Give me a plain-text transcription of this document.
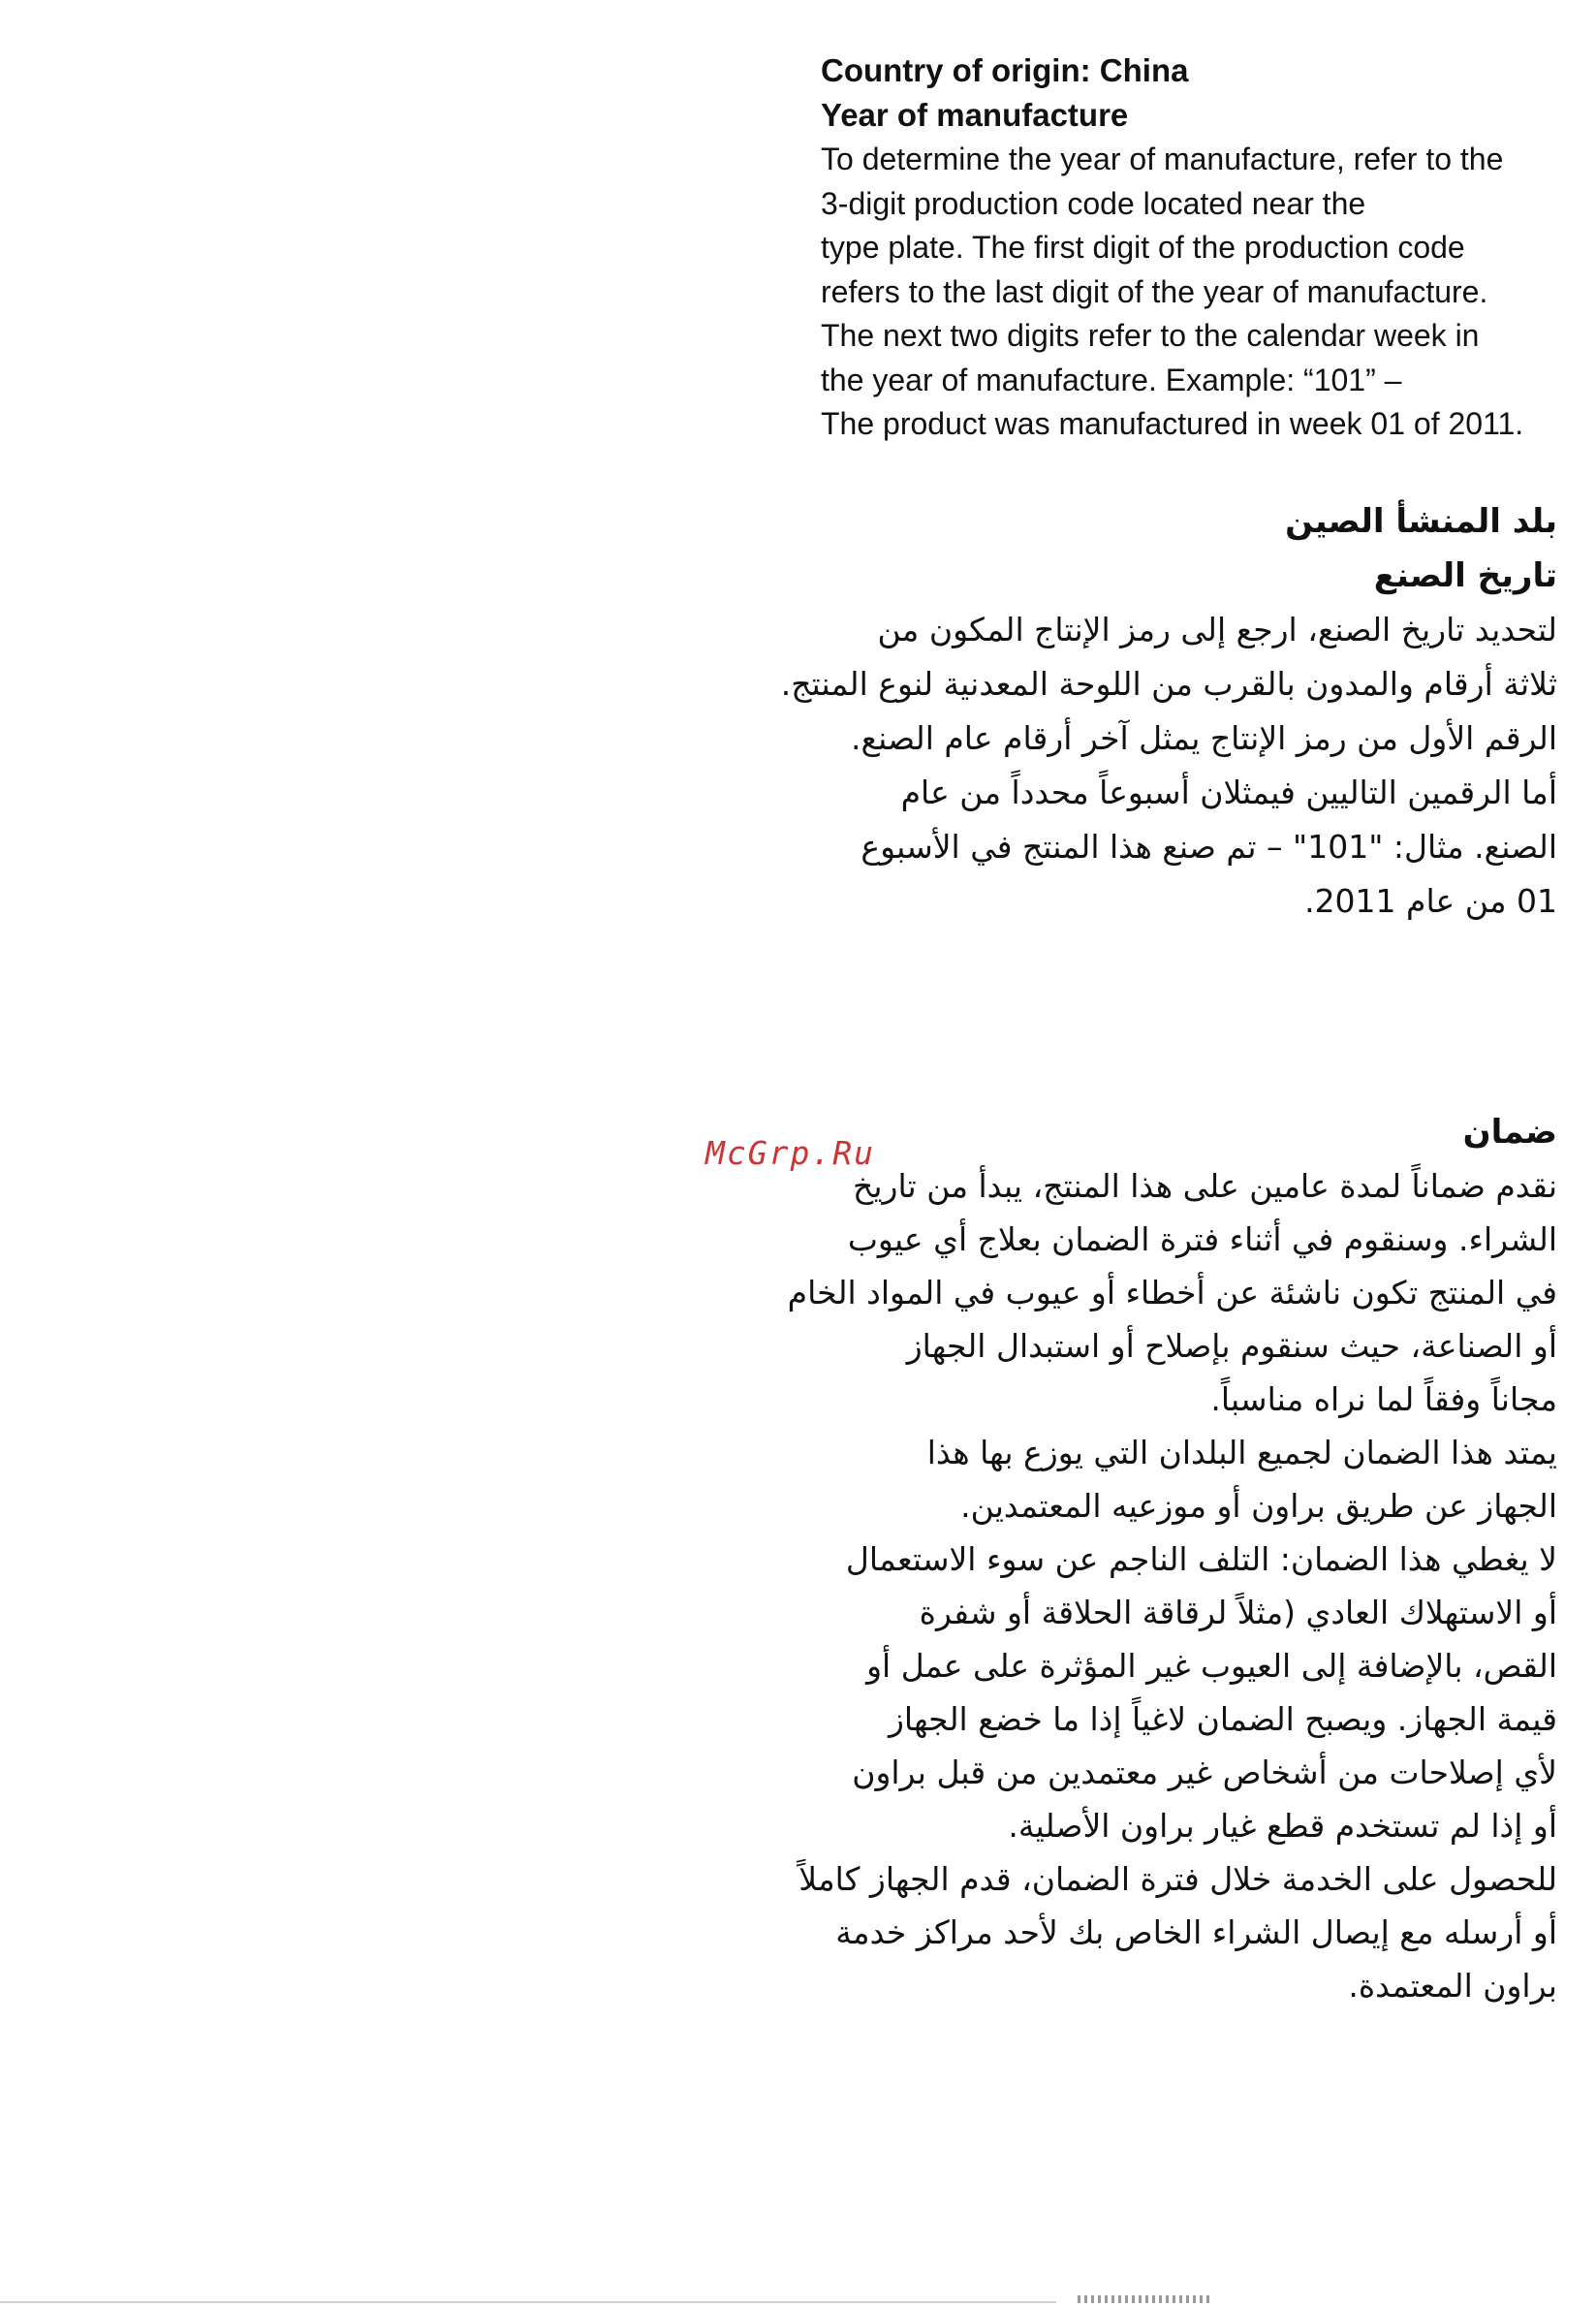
Country of origin: China
Year of manufacture
To determine the year of manufacture, refer to the
3-digit production code located near the
type plate. The first digit of the production code
refers to the last digit of the year of manufacture.
The next two digits refer to the calendar week in
the year of manufacture. Example: “101” –
The product was manufactured in week 01 of 2011.
بلد المنشأ الصين
تاريخ الصنع
لتحديد تاريخ الصنع، ارجع إلى رمز الإنتاج المكون من
ثلاثة أرقام والمدون بالقرب من اللوحة المعدنية لنوع المنتج.
الرقم الأول من رمز الإنتاج يمثل آخر أرقام عام الصنع.
أما الرقمين التاليين فيمثلان أسبوعاً محدداً من عام
الصنع. مثال: "101" – تم صنع هذا المنتج في الأسبوع
01 من عام 2011.
McGrp.Ru
ضمان
نقدم ضماناً لمدة عامين على هذا المنتج، يبدأ من تاريخ
الشراء. وسنقوم في أثناء فترة الضمان بعلاج أي عيوب
في المنتج تكون ناشئة عن أخطاء أو عيوب في المواد الخام
أو الصناعة، حيث سنقوم بإصلاح أو استبدال الجهاز
مجاناً وفقاً لما نراه مناسباً.
يمتد هذا الضمان لجميع البلدان التي يوزع بها هذا
الجهاز عن طريق براون أو موزعيه المعتمدين.
لا يغطي هذا الضمان: التلف الناجم عن سوء الاستعمال
أو الاستهلاك العادي (مثلاً لرقاقة الحلاقة أو شفرة
القص، بالإضافة إلى العيوب غير المؤثرة على عمل أو
قيمة الجهاز. ويصبح الضمان لاغياً إذا ما خضع الجهاز
لأي إصلاحات من أشخاص غير معتمدين من قبل براون
أو إذا لم تستخدم قطع غيار براون الأصلية.
للحصول على الخدمة خلال فترة الضمان، قدم الجهاز كاملاً
أو أرسله مع إيصال الشراء الخاص بك لأحد مراكز خدمة
براون المعتمدة.
